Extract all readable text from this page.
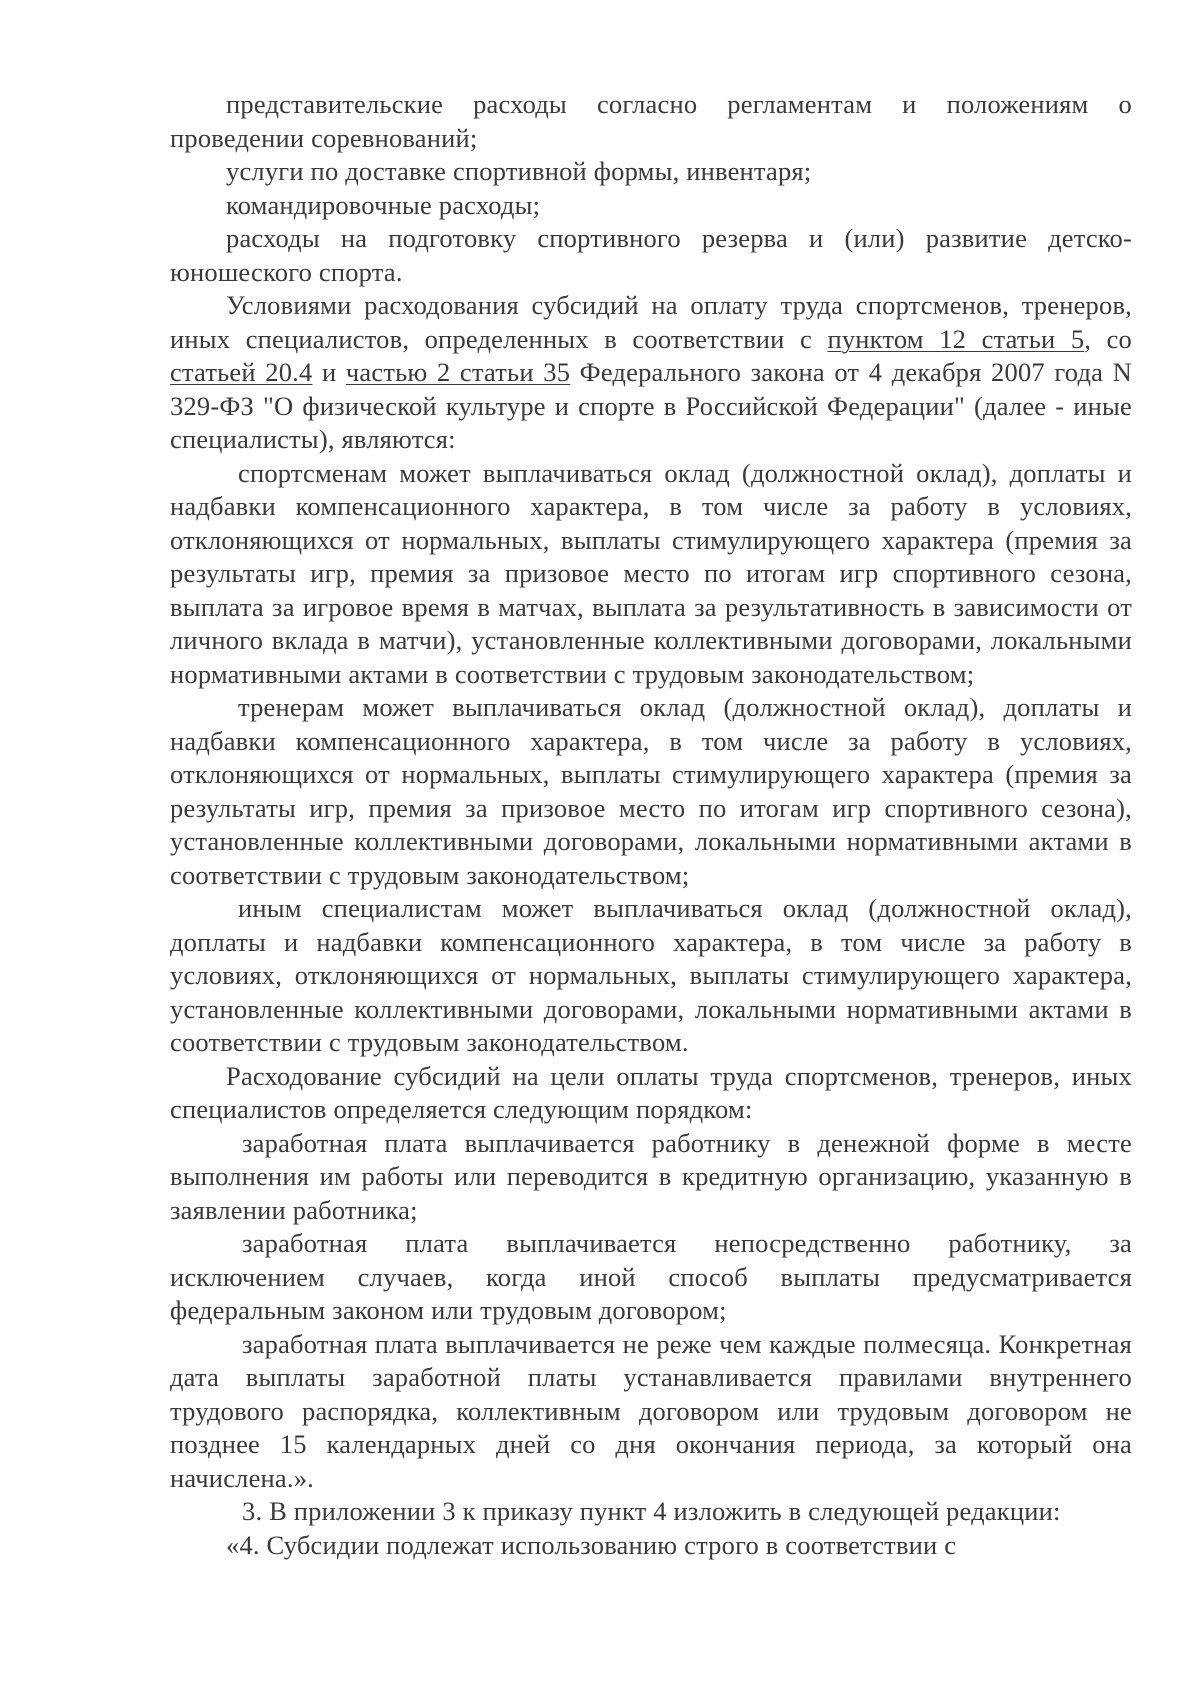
представительские расходы согласно регламентам и положениям о проведении соревнований;

услуги по доставке спортивной формы, инвентаря;

командировочные расходы;

расходы на подготовку спортивного резерва и (или) развитие детско-юношеского спорта.

Условиями расходования субсидий на оплату труда спортсменов, тренеров, иных специалистов, определенных в соответствии с пунктом 12 статьи 5, со статьей 20.4 и частью 2 статьи 35 Федерального закона от 4 декабря 2007 года N 329-ФЗ "О физической культуре и спорте в Российской Федерации" (далее - иные специалисты), являются:

спортсменам может выплачиваться оклад (должностной оклад), доплаты и надбавки компенсационного характера, в том числе за работу в условиях, отклоняющихся от нормальных, выплаты стимулирующего характера (премия за результаты игр, премия за призовое место по итогам игр спортивного сезона, выплата за игровое время в матчах, выплата за результативность в зависимости от личного вклада в матчи), установленные коллективными договорами, локальными нормативными актами в соответствии с трудовым законодательством;

тренерам может выплачиваться оклад (должностной оклад), доплаты и надбавки компенсационного характера, в том числе за работу в условиях, отклоняющихся от нормальных, выплаты стимулирующего характера (премия за результаты игр, премия за призовое место по итогам игр спортивного сезона), установленные коллективными договорами, локальными нормативными актами в соответствии с трудовым законодательством;

иным специалистам может выплачиваться оклад (должностной оклад), доплаты и надбавки компенсационного характера, в том числе за работу в условиях, отклоняющихся от нормальных, выплаты стимулирующего характера, установленные коллективными договорами, локальными нормативными актами в соответствии с трудовым законодательством.

Расходование субсидий на цели оплаты труда спортсменов, тренеров, иных специалистов определяется следующим порядком:

заработная плата выплачивается работнику в денежной форме в месте выполнения им работы или переводится в кредитную организацию, указанную в заявлении работника;

заработная плата выплачивается непосредственно работнику, за исключением случаев, когда иной способ выплаты предусматривается федеральным законом или трудовым договором;

заработная плата выплачивается не реже чем каждые полмесяца. Конкретная дата выплаты заработной платы устанавливается правилами внутреннего трудового распорядка, коллективным договором или трудовым договором не позднее 15 календарных дней со дня окончания периода, за который она начислена.».

3. В приложении 3 к приказу пункт 4 изложить в следующей редакции:

«4. Субсидии подлежат использованию строго в соответствии с
